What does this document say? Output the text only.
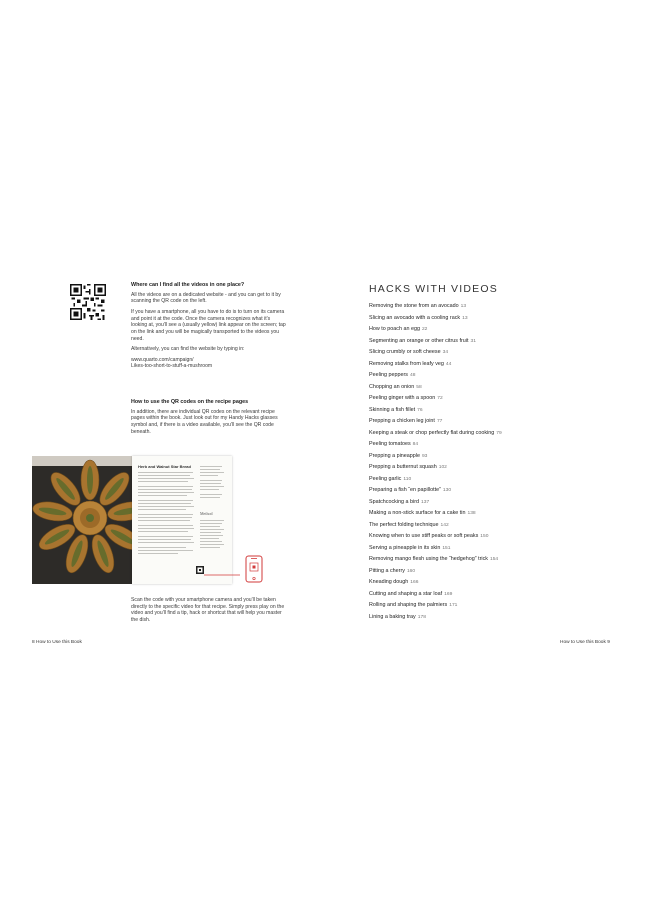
Where can I find all the videos in one place?

All the videos are on a dedicated website - and you can get to it by scanning the QR code on the left.

If you have a smartphone, all you have to do is to turn on its camera and point it at the code. Once the camera recognizes what it's looking at, you'll see a (usually yellow) link appear on the screen; tap on the link and you will be magically transported to the videos you need.

Alternatively, you can find the website by typing in:

www.quarto.com/campaign/

Likes-too-short-to-stuff-a-mushroom

How to use the QR codes on the recipe pages

In addition, there are individual QR codes on the relevant recipe pages within the book. Just look out for my Handy Hacks glasses symbol and, if there is a video available, you'll see the QR code beneath.

Herb and Walnut Star Bread
Method
Scan the code with your smartphone camera and you'll be taken directly to the specific video for that recipe. Simply press play on the video and you'll find a tip, hack or shortcut that will help you master the dish.
8 How to Use this Book	How to Use this Book 9
HACKS WITH VIDEOS
Removing the stone from an avocado 13
Slicing an avocado with a cooling rack 13
How to poach an egg 22
Segmenting an orange or other citrus fruit 31
Slicing crumbly or soft cheese 34
Removing stalks from leafy veg 44
Peeling peppers 48
Chopping an onion 58
Peeling ginger with a spoon 72
Skinning a fish fillet 76
Prepping a chicken leg joint 77
Keeping a steak or chop perfectly flat during cooking 79
Peeling tomatoes 84
Prepping a pineapple 93
Prepping a butternut squash 102
Peeling garlic 110
Preparing a fish “en papillotte” 130
Spatchcocking a bird 137
Making a non-stick surface for a cake tin 138
The perfect folding technique 142
Knowing when to use stiff peaks or soft peaks 150
Serving a pineapple in its skin 151
Removing mango flesh using the “hedgehog” trick 154
Pitting a cherry 160
Kneading dough 166
Cutting and shaping a star loaf 169
Rolling and shaping the palmiers 171
Lining a baking tray 178
